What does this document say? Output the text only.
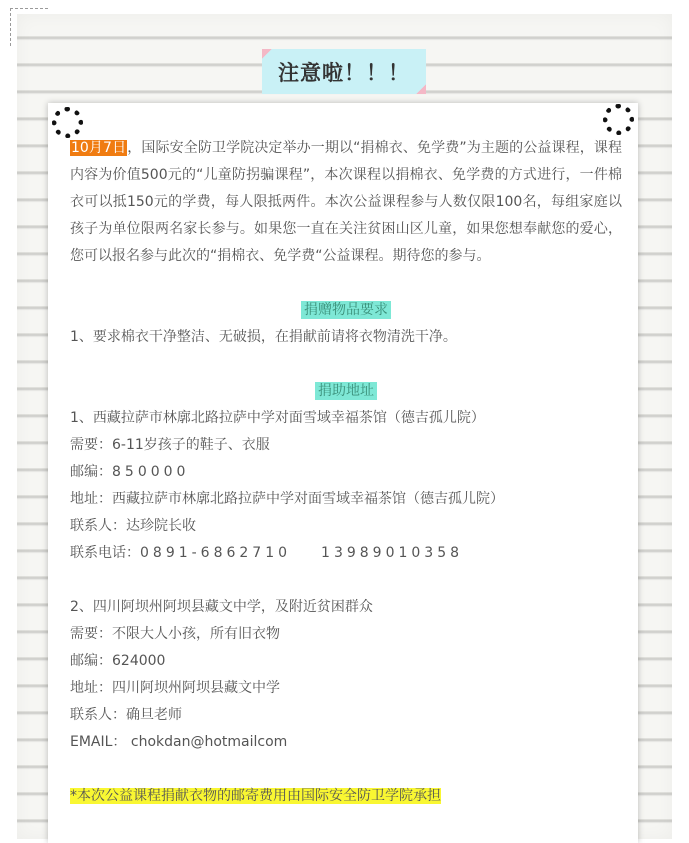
注意啦！！！

10月7日，国际安全防卫学院决定举办一期以“捐棉衣、免学费”为主题的公益课程，课程内容为价值500元的“儿童防拐骗课程”，本次课程以捐棉衣、免学费的方式进行，一件棉衣可以抵150元的学费，每人限抵两件。本次公益课程参与人数仅限100名，每组家庭以孩子为单位限两名家长参与。如果您一直在关注贫困山区儿童，如果您想奉献您的爱心，您可以报名参与此次的“捐棉衣、免学费“公益课程。期待您的参与。

捐赠物品要求

1、要求棉衣干净整洁、无破损，在捐献前请将衣物清洗干净。

捐助地址

1、西藏拉萨市林廓北路拉萨中学对面雪域幸福茶馆（德吉孤儿院）

需要：6-11岁孩子的鞋子、衣服

邮编：850000

地址：西藏拉萨市林廓北路拉萨中学对面雪域幸福茶馆（德吉孤儿院）

联系人：达珍院长收

联系电话：0891-6862710 13989010358

2、四川阿坝州阿坝县藏文中学，及附近贫困群众

需要：不限大人小孩，所有旧衣物

邮编：624000

地址：四川阿坝州阿坝县藏文中学

联系人：确旦老师

EMAIL： chokdan@hotmailcom

*本次公益课程捐献衣物的邮寄费用由国际安全防卫学院承担
